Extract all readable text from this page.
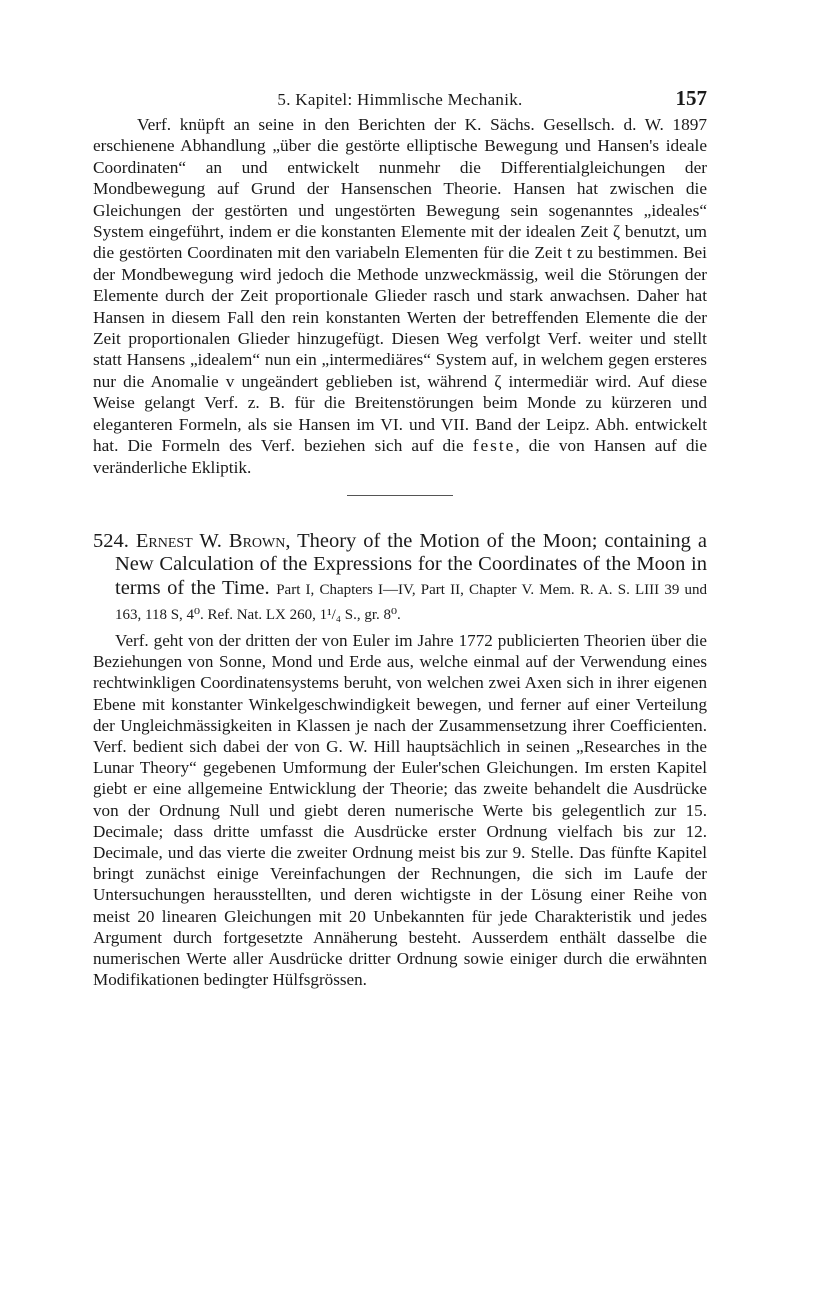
5. Kapitel: Himmlische Mechanik.	157

Verf. knüpft an seine in den Berichten der K. Sächs. Gesellsch. d. W. 1897 erschienene Abhandlung „über die gestörte elliptische Bewegung und Hansen's ideale Coordinaten“ an und entwickelt nunmehr die Differentialgleichungen der Mondbewegung auf Grund der Hansenschen Theorie. Hansen hat zwischen die Gleichungen der gestörten und ungestörten Bewegung sein sogenanntes „ideales“ System eingeführt, indem er die konstanten Elemente mit der idealen Zeit ζ benutzt, um die gestörten Coordinaten mit den variabeln Elementen für die Zeit t zu bestimmen. Bei der Mondbewegung wird jedoch die Methode unzweckmässig, weil die Störungen der Elemente durch der Zeit proportionale Glieder rasch und stark anwachsen. Daher hat Hansen in diesem Fall den rein konstanten Werten der betreffenden Elemente die der Zeit proportionalen Glieder hinzugefügt. Diesen Weg verfolgt Verf. weiter und stellt statt Hansens „idealem“ nun ein „intermediäres“ System auf, in welchem gegen ersteres nur die Anomalie v ungeändert geblieben ist, während ζ intermediär wird. Auf diese Weise gelangt Verf. z. B. für die Breitenstörungen beim Monde zu kürzeren und eleganteren Formeln, als sie Hansen im VI. und VII. Band der Leipz. Abh. entwickelt hat. Die Formeln des Verf. beziehen sich auf die feste, die von Hansen auf die veränderliche Ekliptik.

524. Ernest W. Brown, Theory of the Motion of the Moon; containing a New Calculation of the Expressions for the Coordinates of the Moon in terms of the Time. Part I, Chapters I—IV, Part II, Chapter V. Mem. R. A. S. LIII 39 und 163, 118 S, 4⁰. Ref. Nat. LX 260, 1¹/₄ S., gr. 8⁰.

Verf. geht von der dritten der von Euler im Jahre 1772 publicierten Theorien über die Beziehungen von Sonne, Mond und Erde aus, welche einmal auf der Verwendung eines rechtwinkligen Coordinatensystems beruht, von welchen zwei Axen sich in ihrer eigenen Ebene mit konstanter Winkelgeschwindigkeit bewegen, und ferner auf einer Verteilung der Ungleichmässigkeiten in Klassen je nach der Zusammensetzung ihrer Coefficienten. Verf. bedient sich dabei der von G. W. Hill hauptsächlich in seinen „Researches in the Lunar Theory“ gegebenen Umformung der Euler'schen Gleichungen. Im ersten Kapitel giebt er eine allgemeine Entwicklung der Theorie; das zweite behandelt die Ausdrücke von der Ordnung Null und giebt deren numerische Werte bis gelegentlich zur 15. Decimale; dass dritte umfasst die Ausdrücke erster Ordnung vielfach bis zur 12. Decimale, und das vierte die zweiter Ordnung meist bis zur 9. Stelle. Das fünfte Kapitel bringt zunächst einige Vereinfachungen der Rechnungen, die sich im Laufe der Untersuchungen herausstellten, und deren wichtigste in der Lösung einer Reihe von meist 20 linearen Gleichungen mit 20 Unbekannten für jede Charakteristik und jedes Argument durch fortgesetzte Annäherung besteht. Ausserdem enthält dasselbe die numerischen Werte aller Ausdrücke dritter Ordnung sowie einiger durch die erwähnten Modifikationen bedingter Hülfsgrössen.
